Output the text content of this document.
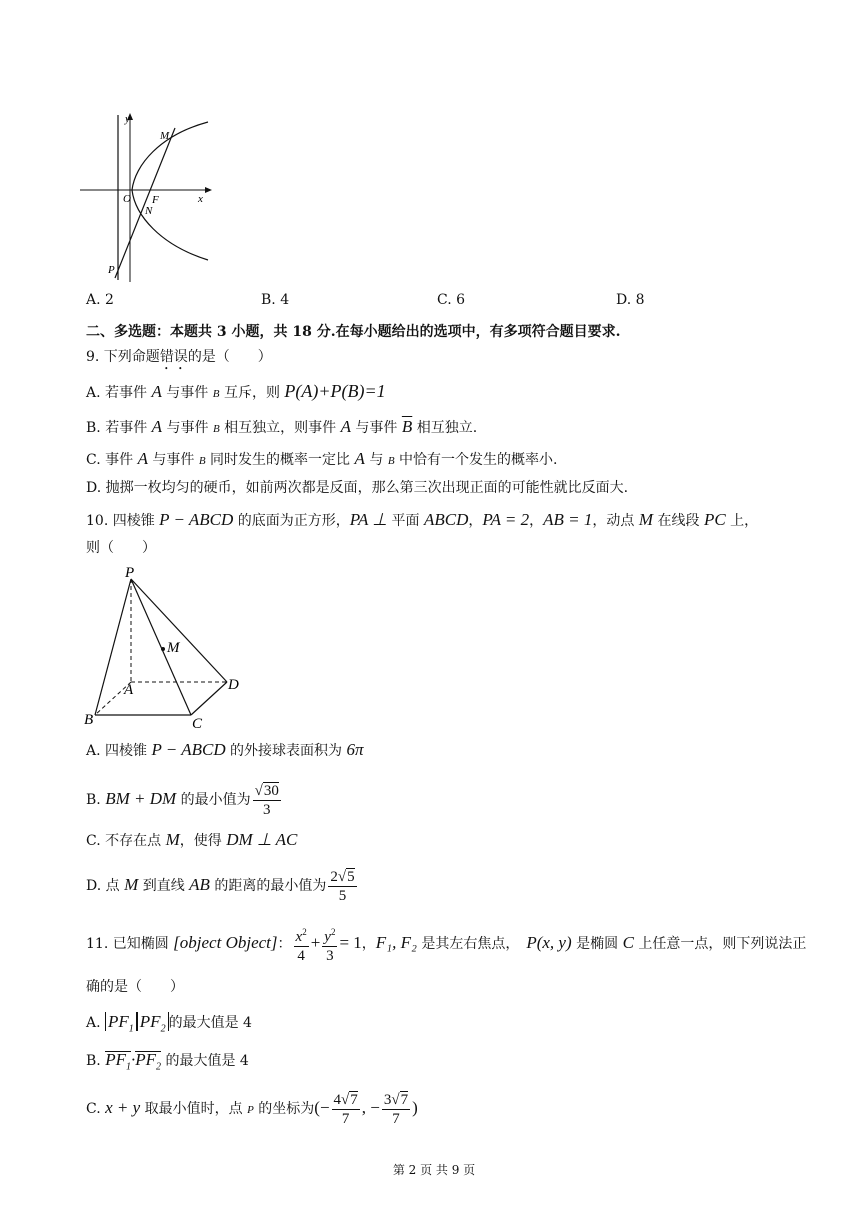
y
x
O F
M
N
P
A. 2	B. 4	C. 6	D. 8
二、多选题：本题共 3 小题，共 18 分.在每小题给出的选项中，有多项符合题目要求.
9. 下列命题错误的是（　　）
A. 若事件 A 与事件 B 互斥，则 P(A)+P(B)=1
B. 若事件 A 与事件 B 相互独立，则事件 A 与事件 $\overline{B}$ 相互独立.
C. 事件 A 与事件 B 同时发生的概率一定比 A 与 B 中恰有一个发生的概率小.
D. 抛掷一枚均匀的硬币，如前两次都是反面，那么第三次出现正面的可能性就比反面大.
10. 四棱锥 P − ABCD 的底面为正方形，PA ⊥ 平面 ABCD，PA = 2，AB = 1，动点 M 在线段 PC 上，
则（　　）
P
M
A	D
B	C
A. 四棱锥 P − ABCD 的外接球表面积为 6π
B. BM + DM 的最小值为 $\frac{√30}{3}$
C. 不存在点 M，使得 DM ⊥ AC
D. 点 M 到直线 AB 的距离的最小值为 $\frac{2√5}{5}$
11. 已知椭圆 [object Object]： $\frac{x^2}{4} + \frac{y^2}{3} = 1$，F₁, F₂ 是其左右焦点，　P(x, y) 是椭圆 C 上任意一点，则下列说法正
确的是（　　）
A. $PF_1$ $PF_2$ 的最大值是 4
B. $PF_1\cdot PF_2$ 的最大值是 4
C. x + y 取最小值时，点 P 的坐标为(− $\frac{4√7}{7}$ , − $\frac{3√7}{7}$ )
第 2 页 共 9 页
